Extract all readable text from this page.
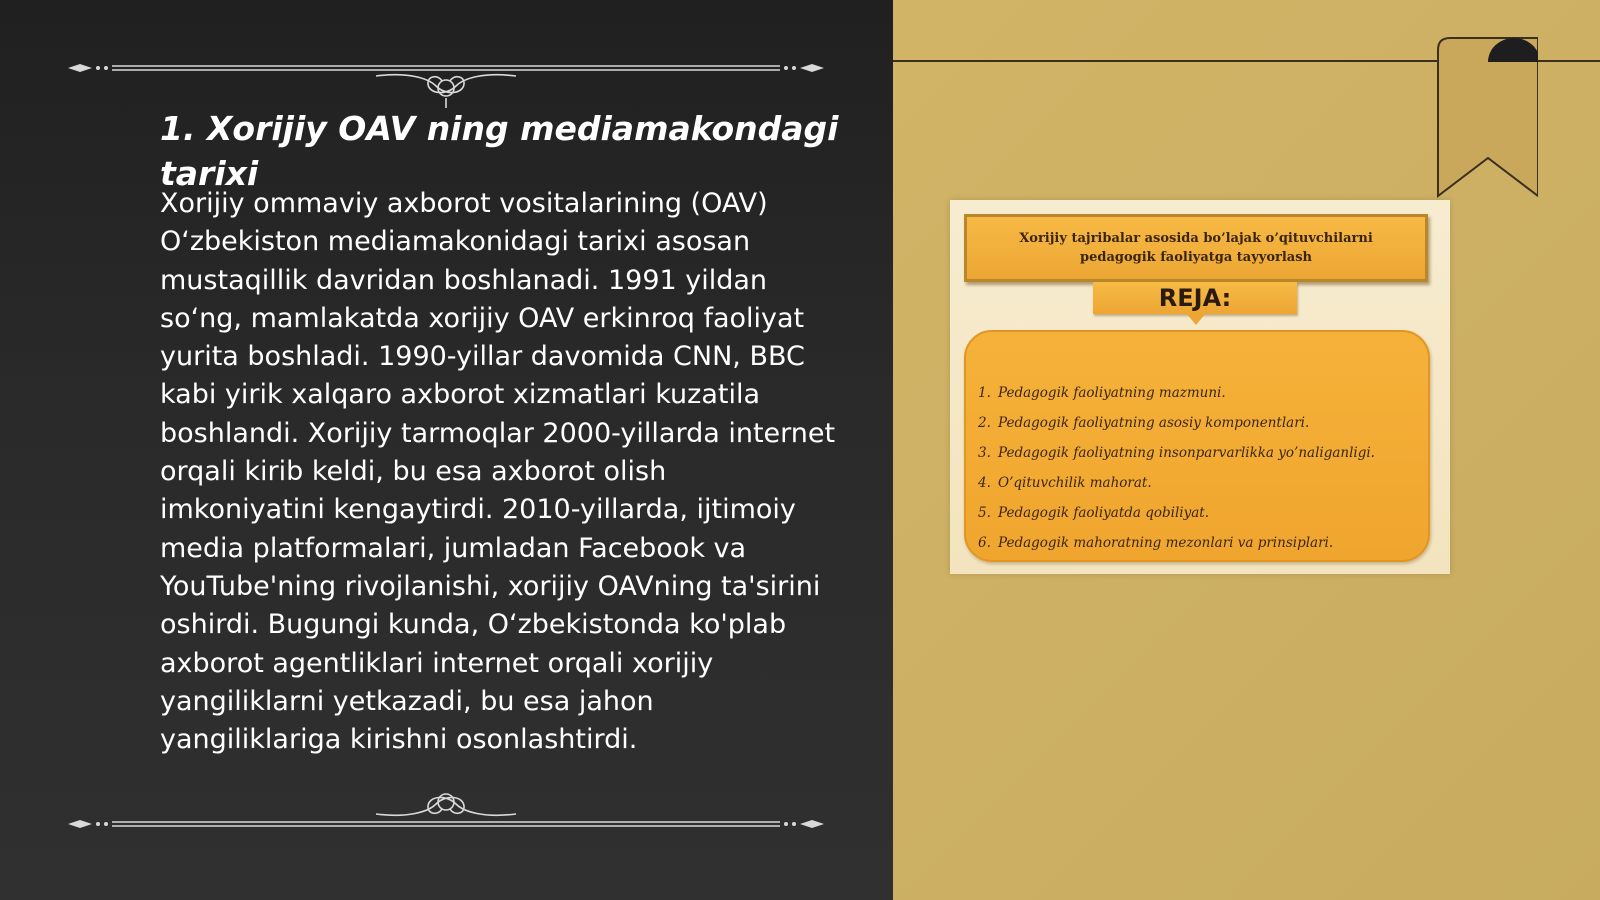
1. Xorijiy OAV ning mediamakondagi tarixi

Xorijiy ommaviy axborot vositalarining (OAV) O‘zbekiston mediamakonidagi tarixi asosan mustaqillik davridan boshlanadi. 1991 yildan so‘ng, mamlakatda xorijiy OAV erkinroq faoliyat yurita boshladi. 1990-yillar davomida CNN, BBC kabi yirik xalqaro axborot xizmatlari kuzatila boshlandi. Xorijiy tarmoqlar 2000-yillarda internet orqali kirib keldi, bu esa axborot olish imkoniyatini kengaytirdi. 2010-yillarda, ijtimoiy media platformalari, jumladan Facebook va YouTube'ning rivojlanishi, xorijiy OAVning ta'sirini oshirdi. Bugungi kunda, O‘zbekistonda ko'plab axborot agentliklari internet orqali xorijiy yangiliklarni yetkazadi, bu esa jahon yangiliklariga kirishni osonlashtirdi.

Xorijiy tajribalar asosida bo’lajak o’qituvchilarni pedagogik faoliyatga tayyorlash
REJA:
1. Pedagogik faoliyatning mazmuni.
2. Pedagogik faoliyatning asosiy komponentlari.
3. Pedagogik faoliyatning insonparvarlikka yo’naliganligi.
4. O’qituvchilik mahorat.
5. Pedagogik faoliyatda qobiliyat.
6. Pedagogik mahoratning mezonlari va prinsiplari.
